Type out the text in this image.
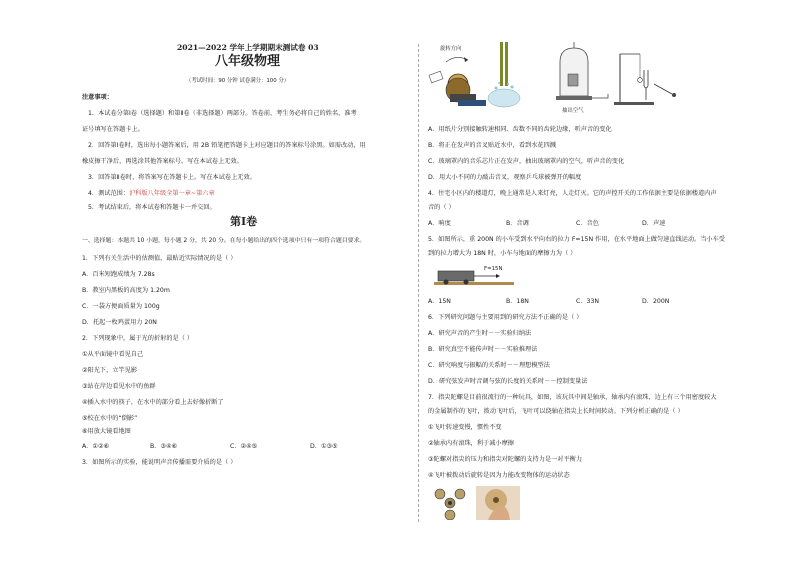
2021—2022 学年上学期期末测试卷 03
八年级物理
（考试时间：90 分钟 试卷满分：100 分）
注意事项：
1．本试卷分第Ⅰ卷（选择题）和第Ⅱ卷（非选择题）两部分。答卷前，考生务必将自己的姓名、准考
证号填写在答题卡上。
2．回答第Ⅰ卷时，选出每小题答案后，用 2B 铅笔把答题卡上对应题目的答案标号涂黑。如需改动，用
橡皮擦干净后，再选涂其他答案标号。写在本试卷上无效。
3．回答第Ⅱ卷时，将答案写在答题卡上。写在本试卷上无效。
4．测试范围：沪科版八年级全第一章~第六章
5．考试结束后，将本试卷和答题卡一并交回。
第Ⅰ卷
一、选择题：本题共 10 小题，每小题 2 分，共 20 分。在每小题给出的四个选项中只有一项符合题目要求。
1．下列有关生活中的估测值，最贴近实际情况的是（ ）
A．百米短跑成绩为 7.28s
B．教室内黑板的高度为 1.20m
C．一袋方便面质量为 100g
D．托起一枚鸡蛋用力 20N
2．下列现象中，属于光的折射的是（ ）
①从平面镜中看见自己
②阳光下，立竿见影
③站在岸边看见水中的鱼群
④插入水中的筷子，在水中的部分看上去好像折断了
⑤校在水中的“倒影”
⑥用放大镜看地图
A．①②⑥	B．③④⑥	C．②④⑤	D．①③⑤
3．如图所示的实验，能说明声音传播需要介质的是（ ）
旋转方向
抽出空气
A．用纸片分别接触转速相同、齿数不同的齿轮边缘，听声音的变化
B．将正在发声的音叉贴近水中，看到水花四溅
C．玻璃罩内的音乐芯片正在发声，抽出玻璃罩内的空气，听声音的变化
D．用大小不同的力敲击音叉，观察乒乓球被弹开的幅度
4．住宅小区内的楼道灯，晚上通常是人来灯亮，人走灯灭。它的声控开关的工作依据主要是依据楼道内声
音的（ ）
A．响度	B．音调	C．音色	D．声速
5．如图所示，重 200N 的小车受到水平向右的拉力 F=15N 作用，在水平地面上做匀速直线运动。当小车受
到的拉力增大为 18N 时，小车与地面的摩擦力为（ ）
F=15N
A．15N	B．18N	C．33N	D．200N
6．下列研究问题与主要用到的研究方法不正确的是（ ）
A．研究声音的产生时－－实验归纳法
B．研究真空不能传声时－－实验推理法
C．研究响度与振幅的关系时－－理想模型法
D．研究弦发声时音调与弦的长度的关系时－－控制变量法
7．指尖陀螺是目前很流行的一种玩具，如图，该玩具中间是轴承，轴承内有滚珠，边上有三个用密度较大
的金属制作的飞叶，拨动飞叶后，飞叶可以绕轴在指尖上长时间转动。下列分析正确的是（ ）
①飞叶转速变慢，惯性不变
②轴承内有滚珠，利于减小摩擦
③陀螺对指尖的压力和指尖对陀螺的支持力是一对平衡力
④飞叶被拨动后旋转是因为力能改变物体的运动状态
